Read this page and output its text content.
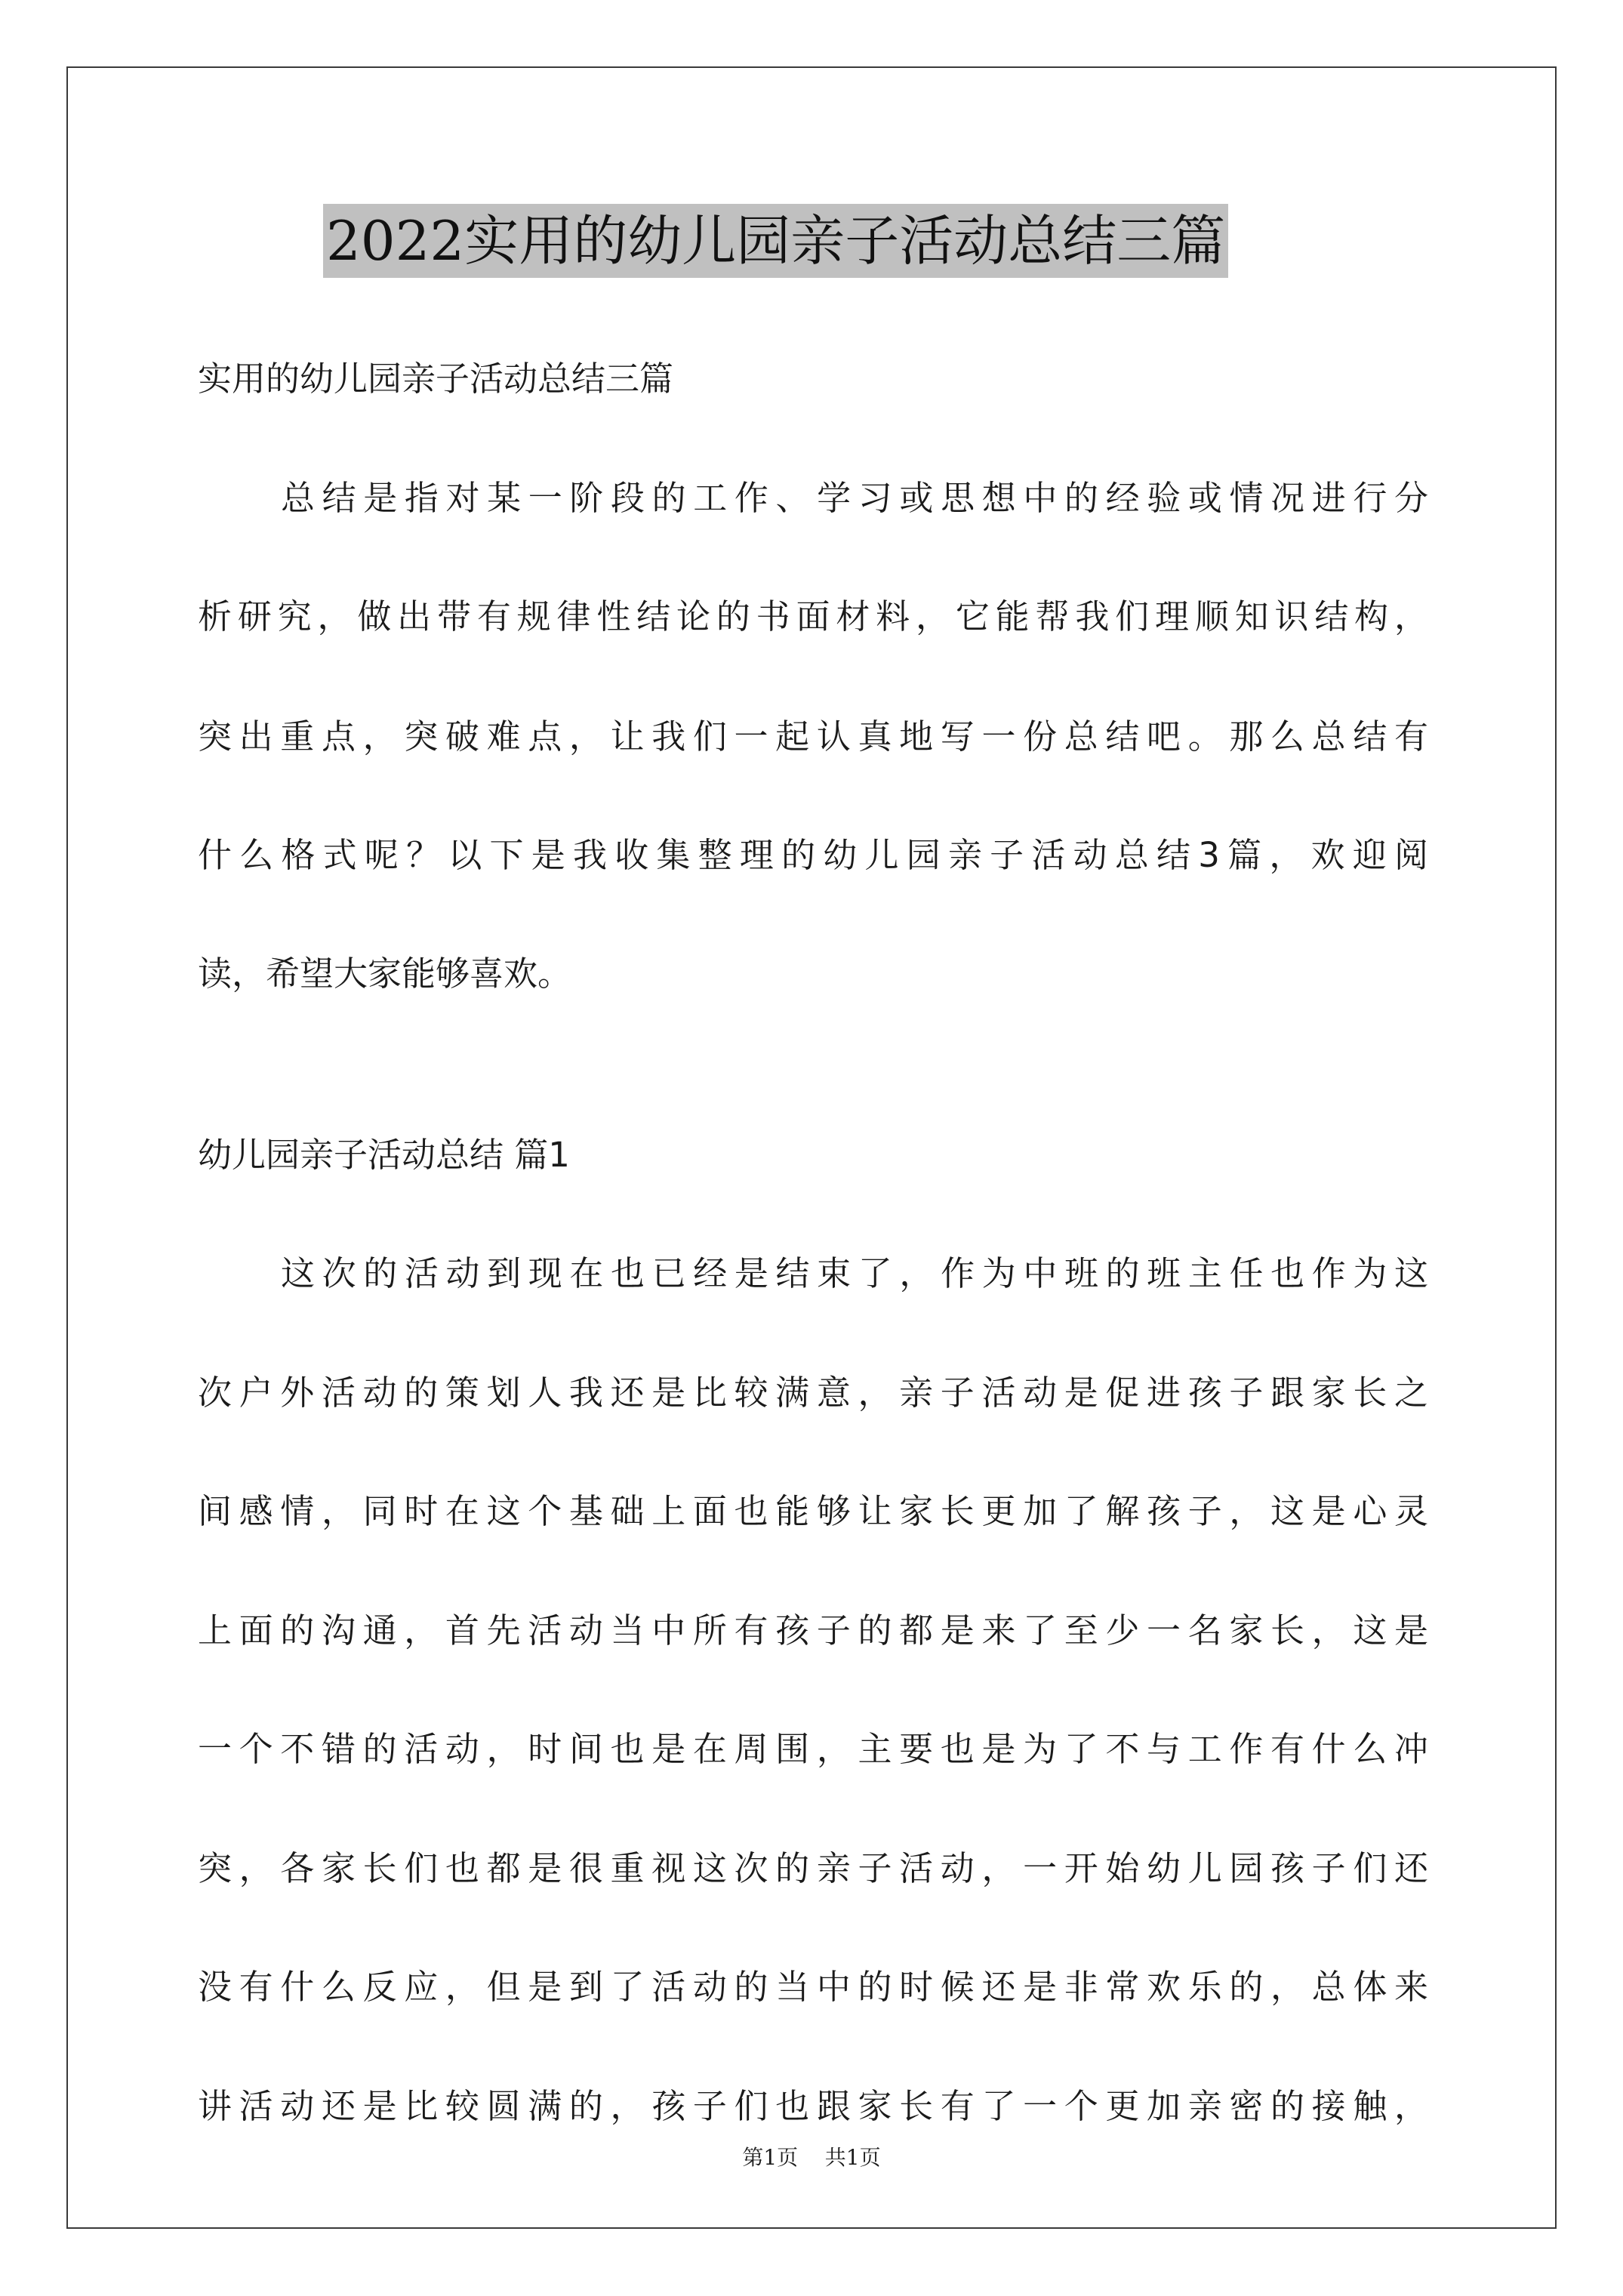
2022实用的幼儿园亲子活动总结三篇
实用的幼儿园亲子活动总结三篇
总结是指对某一阶段的工作、学习或思想中的经验或情况进行分
析研究，做出带有规律性结论的书面材料，它能帮我们理顺知识结构，
突出重点，突破难点，让我们一起认真地写一份总结吧。那么总结有
什么格式呢？以下是我收集整理的幼儿园亲子活动总结3篇，欢迎阅
读，希望大家能够喜欢。
幼儿园亲子活动总结 篇1
这次的活动到现在也已经是结束了，作为中班的班主任也作为这
次户外活动的策划人我还是比较满意，亲子活动是促进孩子跟家长之
间感情，同时在这个基础上面也能够让家长更加了解孩子，这是心灵
上面的沟通，首先活动当中所有孩子的都是来了至少一名家长，这是
一个不错的活动，时间也是在周围，主要也是为了不与工作有什么冲
突，各家长们也都是很重视这次的亲子活动，一开始幼儿园孩子们还
没有什么反应，但是到了活动的当中的时候还是非常欢乐的，总体来
讲活动还是比较圆满的，孩子们也跟家长有了一个更加亲密的接触，
第1页 共1页
